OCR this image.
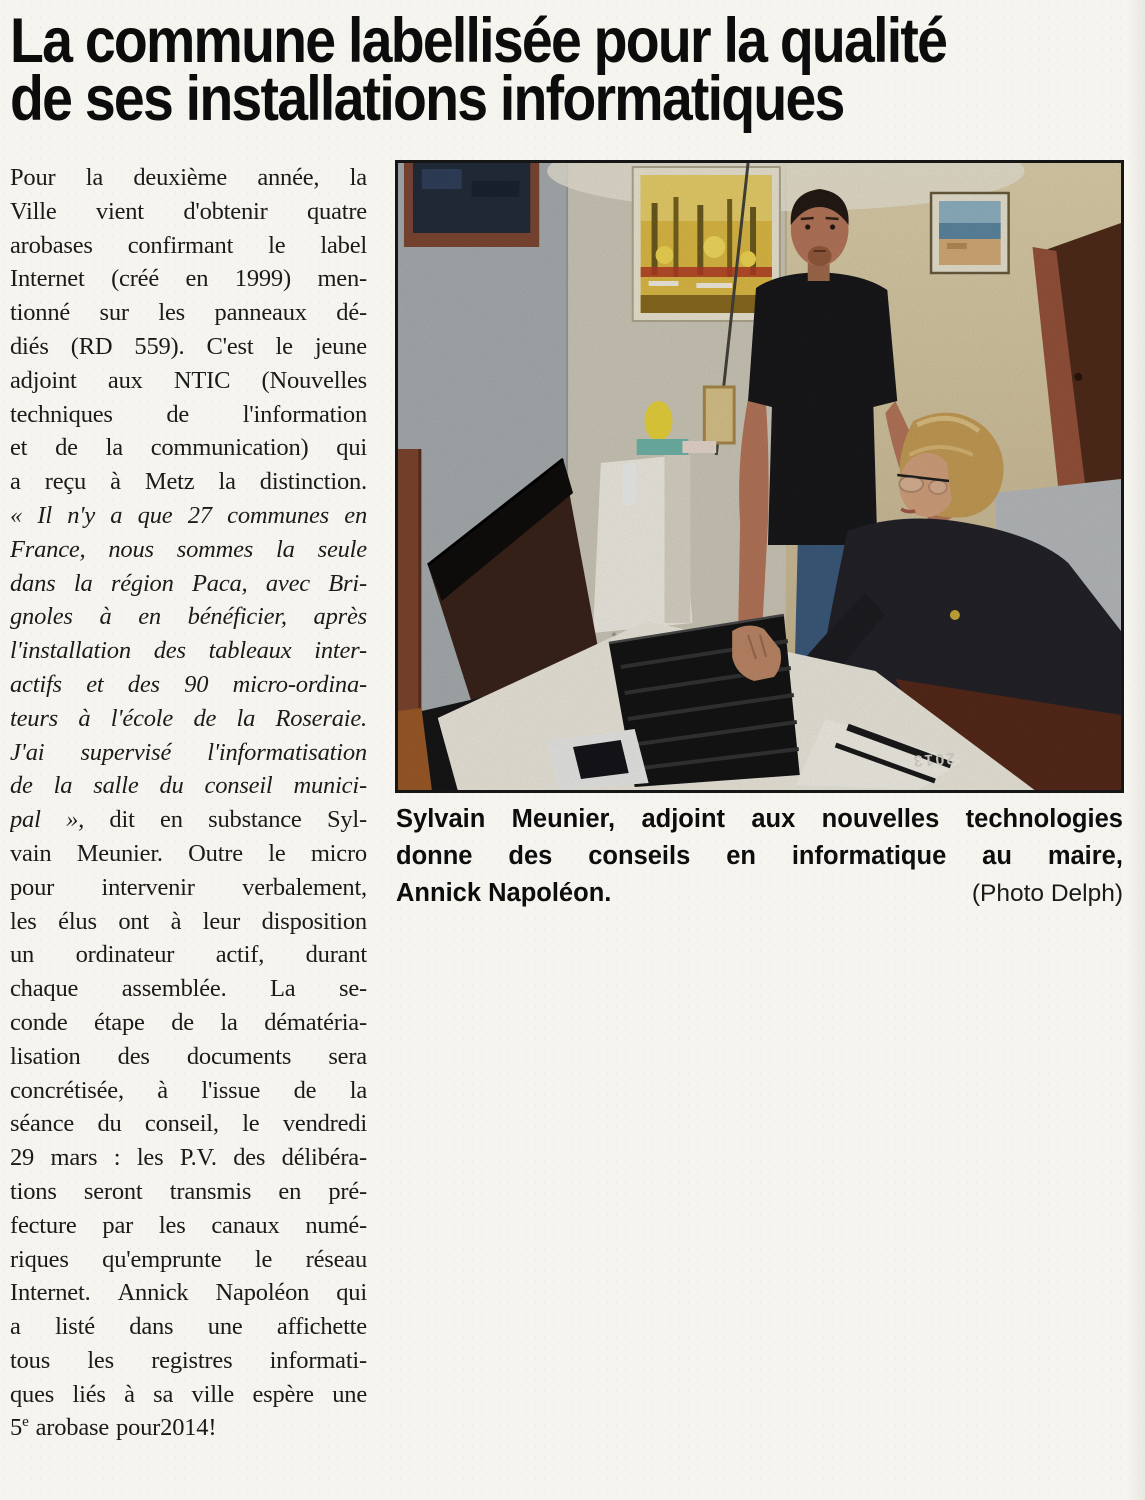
La commune labellisée pour la qualité
de ses installations informatiques
Pour la deuxième année, la
Ville vient d'obtenir quatre
arobases confirmant le label
Internet (créé en 1999) men-
tionné sur les panneaux dé-
diés (RD 559). C'est le jeune
adjoint aux NTIC (Nouvelles
techniques de l'information
et de la communication) qui
a reçu à Metz la distinction.
« Il n'y a que 27 communes en
France, nous sommes la seule
dans la région Paca, avec Bri-
gnoles à en bénéficier, après
l'installation des tableaux inter-
actifs et des 90 micro-ordina-
teurs à l'école de la Roseraie.
J'ai supervisé l'informatisation
de la salle du conseil munici-
pal », dit en substance Syl-
vain Meunier. Outre le micro
pour intervenir verbalement,
les élus ont à leur disposition
un ordinateur actif, durant
chaque assemblée. La se-
conde étape de la dématéria-
lisation des documents sera
concrétisée, à l'issue de la
séance du conseil, le vendredi
29 mars : les P.V. des délibéra-
tions seront transmis en pré-
fecture par les canaux numé-
riques qu'emprunte le réseau
Internet. Annick Napoléon qui
a listé dans une affichette
tous les registres informati-
ques liés à sa ville espère une
5e arobase pour2014!
2013
Sylvain Meunier, adjoint aux nouvelles technologies
donne des conseils en informatique au maire,
Annick Napoléon.	(Photo Delph)
